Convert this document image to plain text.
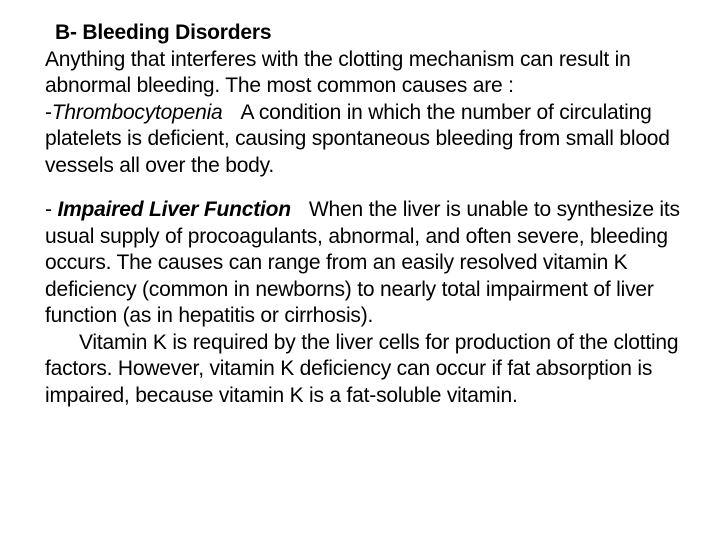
B- Bleeding Disorders

Anything that interferes with the clotting mechanism can result in abnormal bleeding. The most common causes are :

-Thrombocytopenia A condition in which the number of circulating platelets is deficient, causing spontaneous bleeding from small blood vessels all over the body.

- Impaired Liver Function When the liver is unable to synthesize its usual supply of procoagulants, abnormal, and often severe, bleeding occurs. The causes can range from an easily resolved vitamin K deficiency (common in newborns) to nearly total impairment of liver function (as in hepatitis or cirrhosis).

Vitamin K is required by the liver cells for production of the clotting factors. However, vitamin K deficiency can occur if fat absorption is impaired, because vitamin K is a fat-soluble vitamin.
